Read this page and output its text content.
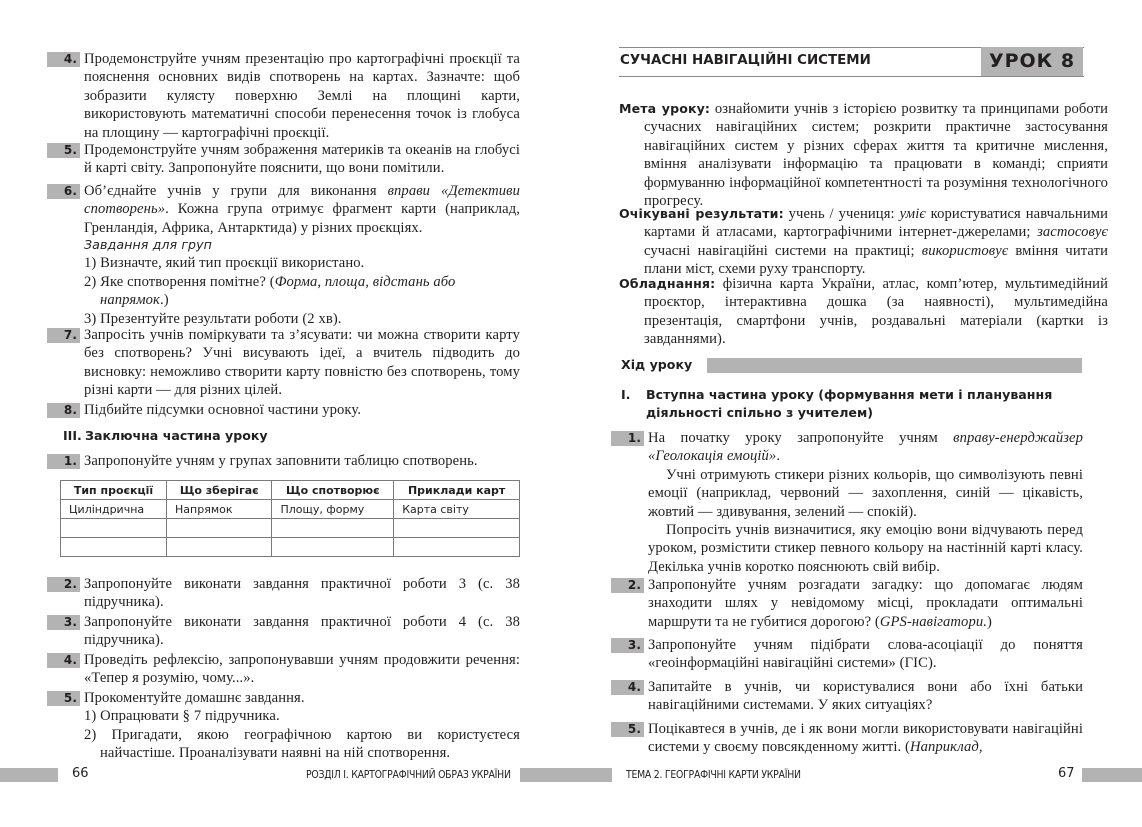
4. Продемонструйте учням презентацію про картографічні проєкції та пояснення основних видів спотворень на картах. Зазначте: щоб зобразити кулясту поверхню Землі на площині карти, використовують математичні способи перенесення точок із глобуса на площину — картографічні проєкції.
5. Продемонструйте учням зображення материків та океанів на глобусі й карті світу. Запропонуйте пояснити, що вони помітили.
6. Об’єднайте учнів у групи для виконання вправи «Детективи спотворень». Кожна група отримує фрагмент карти (наприклад, Гренландія, Африка, Антарктида) у різних проєкціях.
Завдання для груп
1) Визначте, який тип проєкції використано.
2) Яке спотворення помітне? (Форма, площа, відстань або напрямок.)
3) Презентуйте результати роботи (2 хв).
7. Запросіть учнів поміркувати та з’ясувати: чи можна створити карту без спотворень? Учні висувають ідеї, а вчитель підводить до висновку: неможливо створити карту повністю без спотворень, тому різні карти — для різних цілей.
8. Підбийте підсумки основної частини уроку.
III. Заключна частина уроку
1. Запропонуйте учням у групах заповнити таблицю спотворень.
Тип проєкції	Що зберігає	Що спотворює	Приклади карт
Циліндрична	Напрямок	Площу, форму	Карта світу

2. Запропонуйте виконати завдання практичної роботи 3 (с. 38 підручника).
3. Запропонуйте виконати завдання практичної роботи 4 (с. 38 підручника).
4. Проведіть рефлексію, запропонувавши учням продовжити речення: «Тепер я розумію, чому...».
5. Прокоментуйте домашнє завдання.
1) Опрацювати § 7 підручника.
2) Пригадати, якою географічною картою ви користуєтеся найчастіше. Проаналізувати наявні на ній спотворення.
66	РОЗДІЛ І. КАРТОГРАФІЧНИЙ ОБРАЗ УКРАЇНИ
СУЧАСНІ НАВІГАЦІЙНІ СИСТЕМИ	УРОК 8
Мета уроку: ознайомити учнів з історією розвитку та принципами роботи сучасних навігаційних систем; розкрити практичне застосування навігаційних систем у різних сферах життя та критичне мислення, вміння аналізувати інформацію та працювати в команді; сприяти формуванню інформаційної компетентності та розуміння технологічного прогресу.
Очікувані результати: учень / учениця: уміє користуватися навчальними картами й атласами, картографічними інтернет-джерелами; застосовує сучасні навігаційні системи на практиці; використовує вміння читати плани міст, схеми руху транспорту.
Обладнання: фізична карта України, атлас, комп’ютер, мультимедійний проєктор, інтерактивна дошка (за наявності), мультимедійна презентація, смартфони учнів, роздавальні матеріали (картки із завданнями).
Хід уроку
I. Вступна частина уроку (формування мети і планування діяльності спільно з учителем)
1. На початку уроку запропонуйте учням вправу-енерджайзер «Геолокація емоцій».
Учні отримують стикери різних кольорів, що символізують певні емоції (наприклад, червоний — захоплення, синій — цікавість, жовтий — здивування, зелений — спокій).
Попросіть учнів визначитися, яку емоцію вони відчувають перед уроком, розмістити стикер певного кольору на настінній карті класу. Декілька учнів коротко пояснюють свій вибір.
2. Запропонуйте учням розгадати загадку: що допомагає людям знаходити шлях у невідомому місці, прокладати оптимальні маршрути та не губитися дорогою? (GPS-навігатори.)
3. Запропонуйте учням підібрати слова-асоціації до поняття «геоінформаційні навігаційні системи» (ГІС).
4. Запитайте в учнів, чи користувалися вони або їхні батьки навігаційними системами. У яких ситуаціях?
5. Поцікавтеся в учнів, де і як вони могли використовувати навігаційні системи у своєму повсякденному житті. (Наприклад,
ТЕМА 2. ГЕОГРАФІЧНІ КАРТИ УКРАЇНИ	67
